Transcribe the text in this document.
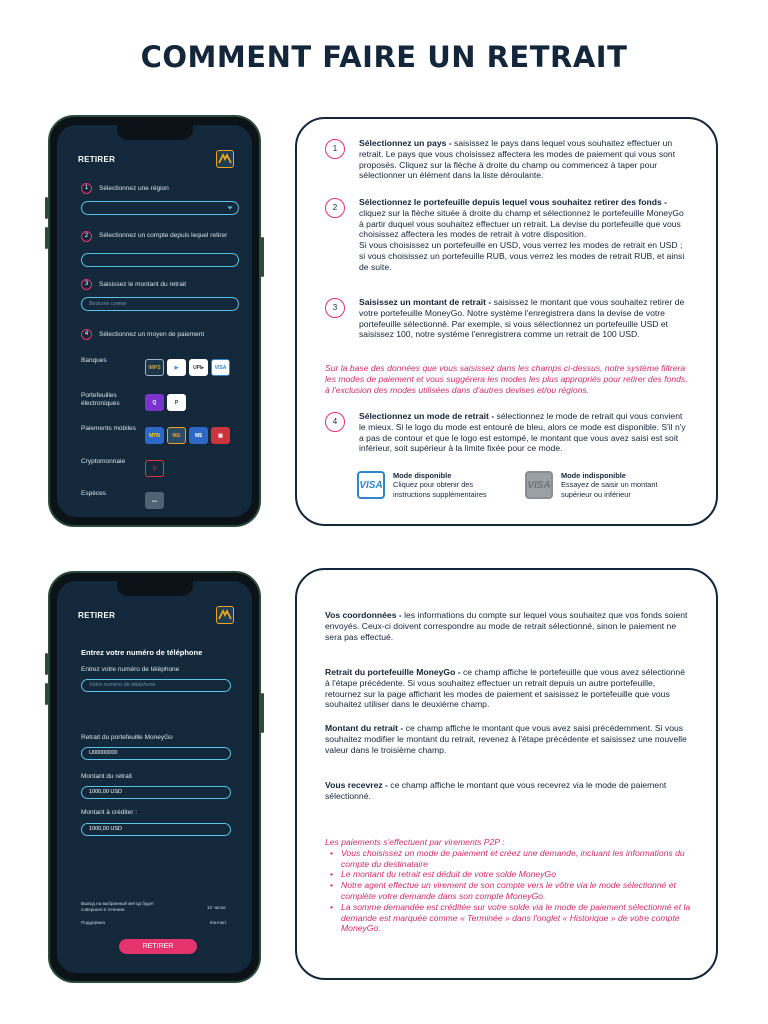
COMMENT FAIRE UN RETRAIT
RETIRER
1	Sélectionnez une région
2	Sélectionnez un compte depuis lequel retirer
3	Saisissez le montant du retrait
Веdите сумму
4	Sélectionnez un moyen de paiement
Banques
IMPS	▶	UPI▸	VISA
Portefeuilles électroniques	Q	P
Paiements mobiles
MTN	MG	M$	▣
Cryptomonnaie
▽
Espèces
▬
RETIRER
Entrez votre numéro de téléphone
Entrez votre numéro de téléphone
Votre numéro de téléphone
Retrait du portefeuille MoneyGo
U00000000
Montant du retrait
1000,00 USD
Montant à créditer :
1000,00 USD
Вывод на выбранный метод будет совершен в течение:	12 часов
Поддержка	Контакт
RETIRER
1
Sélectionnez un pays - saisissez le pays dans lequel vous souhaitez effectuer un retrait. Le pays que vous choisissez affectera les modes de paiement qui vous sont proposés. Cliquez sur la flèche à droite du champ ou commencez à taper pour sélectionner un élément dans la liste déroulante.
2
Sélectionnez le portefeuille depuis lequel vous souhaitez retirer des fonds - cliquez sur la flèche située à droite du champ et sélectionnez le portefeuille MoneyGo à partir duquel vous souhaitez effectuer un retrait. La devise du portefeuille que vous choisissez affectera les modes de retrait à votre disposition.
Si vous choisissez un portefeuille en USD, vous verrez les modes de retrait en USD ; si vous choisissez un portefeuille RUB, vous verrez les modes de retrait RUB, et ainsi de suite.
3
Saisissez un montant de retrait - saisissez le montant que vous souhaitez retirer de votre portefeuille MoneyGo. Notre système l'enregistrera dans la devise de votre portefeuille sélectionné. Par exemple, si vous sélectionnez un portefeuille USD et saisissez 100, notre système l'enregistrera comme un retrait de 100 USD.
Sur la base des données que vous saisissez dans les champs ci-dessus, notre système filtrera les modes de paiement et vous suggérera les modes les plus appropriés pour retirer des fonds, à l'exclusion des modes utilisées dans d'autres devises et/ou régions.
4
Sélectionnez un mode de retrait - sélectionnez le mode de retrait qui vous convient le mieux. Si le logo du mode est entouré de bleu, alors ce mode est disponible. S'il n'y a pas de contour et que le logo est estompé, le montant que vous avez saisi est soit inférieur, soit supérieur à la limite fixée pour ce mode.
VISA
Mode disponible
Cliquez pour obtenir des instructions supplémentaires
VISA
Mode indisponible
Essayez de saisir un montant supérieur ou inférieur
Vos coordonnées - les informations du compte sur lequel vous souhaitez que vos fonds soient envoyés. Ceux-ci doivent correspondre au mode de retrait sélectionné, sinon le paiement ne sera pas effectué.
Retrait du portefeuille MoneyGo - ce champ affiche le portefeuille que vous avez sélectionné à l'étape précédente. Si vous souhaitez effectuer un retrait depuis un autre portefeuille, retournez sur la page affichant les modes de paiement et saisissez le portefeuille que vous souhaitez utiliser dans le deuxième champ.
Montant du retrait - ce champ affiche le montant que vous avez saisi précédemment. Si vous souhaitez modifier le montant du retrait, revenez à l'étape précédente et saisissez une nouvelle valeur dans le troisième champ.
Vous recevrez - ce champ affiche le montant que vous recevrez via le mode de paiement sélectionné.
Les paiements s'effectuent par virements P2P :
• Vous choisissez un mode de paiement et créez une demande, incluant les informations du compte du destinataire
• Le montant du retrait est déduit de votre solde MoneyGo
• Notre agent effectue un virement de son compte vers le vôtre via le mode sélectionné et complète votre demande dans son compte MoneyGo.
• La somme demandée est créditée sur votre solde via le mode de paiement sélectionné et la demande est marquée comme « Terminée » dans l'onglet « Historique » de votre compte MoneyGo.
